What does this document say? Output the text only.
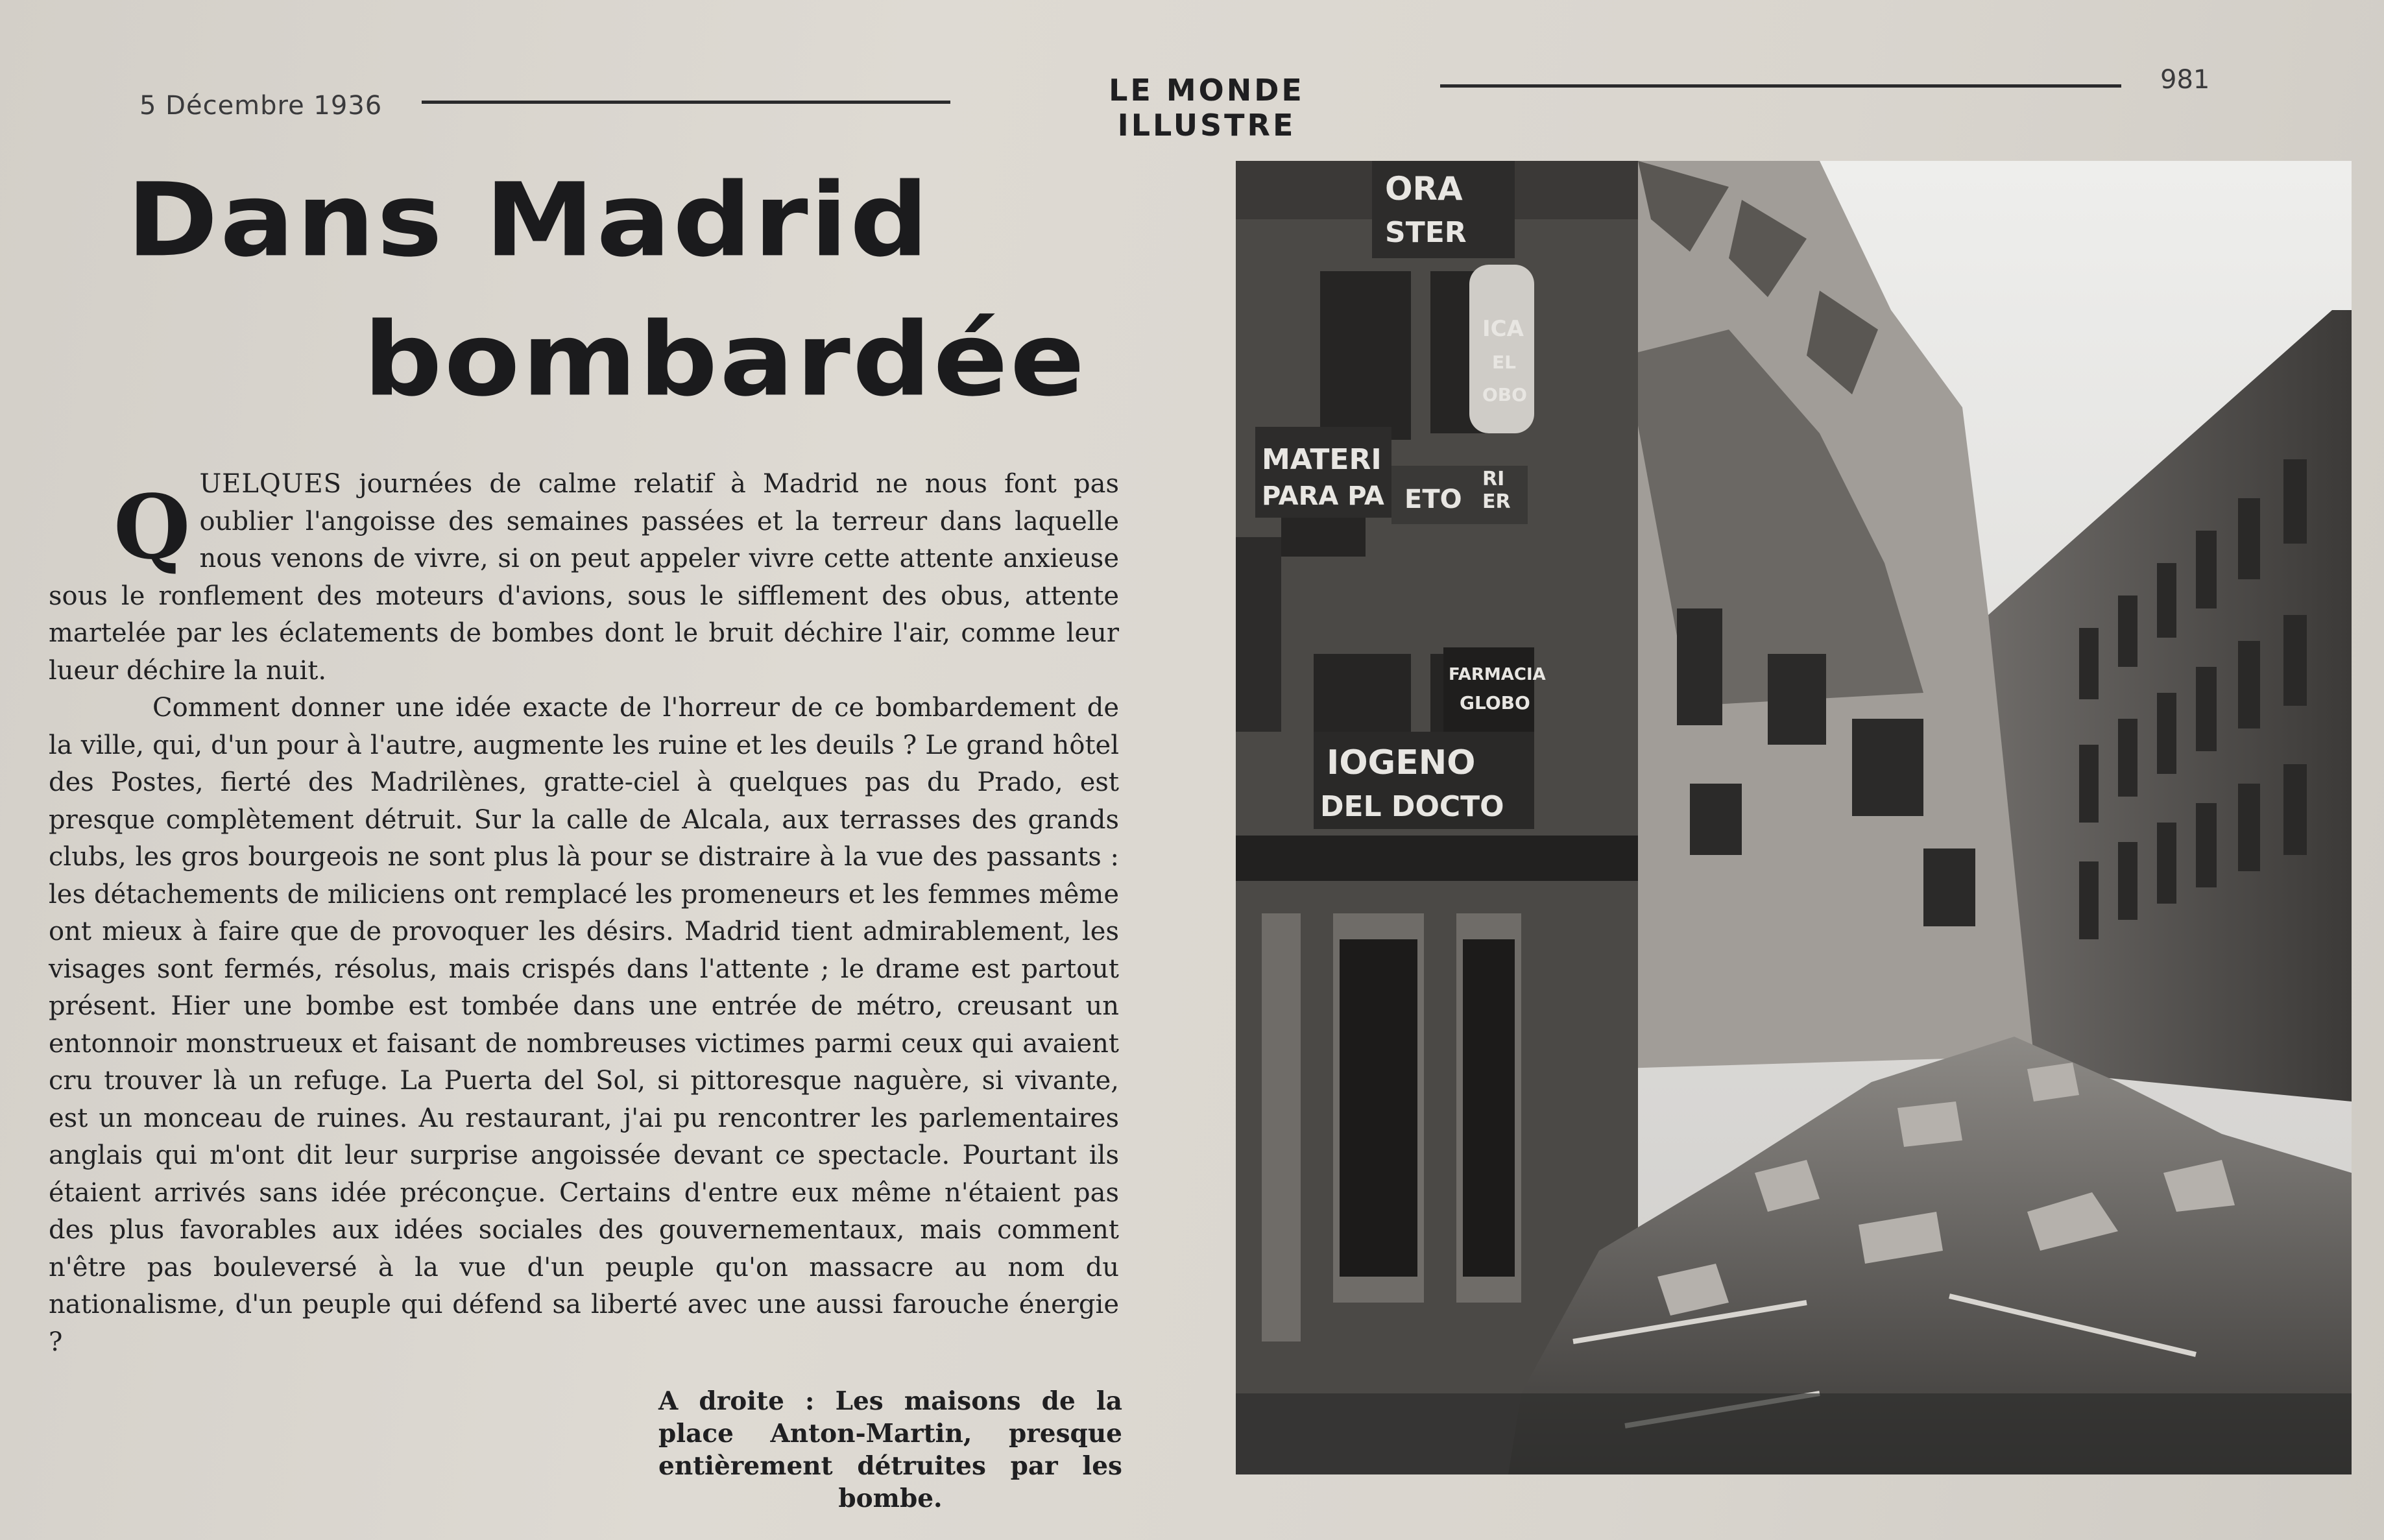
5 Décembre 1936	LE MONDE ILLUSTRE
981
Dans Madrid
bombardée

QUELQUES journées de calme relatif à Madrid ne nous font pas oublier l'angoisse des semaines passées et la terreur dans laquelle nous venons de vivre, si on peut appeler vivre cette attente anxieuse sous le ronflement des moteurs d'avions, sous le sifflement des obus, attente martelée par les éclatements de bombes dont le bruit déchire l'air, comme leur lueur déchire la nuit.

Comment donner une idée exacte de l'horreur de ce bombardement de la ville, qui, d'un pour à l'autre, augmente les ruine et les deuils ? Le grand hôtel des Postes, fierté des Madrilènes, gratte-ciel à quelques pas du Prado, est presque complètement détruit. Sur la calle de Alcala, aux terrasses des grands clubs, les gros bourgeois ne sont plus là pour se distraire à la vue des passants : les détachements de miliciens ont remplacé les promeneurs et les femmes même ont mieux à faire que de provoquer les désirs. Madrid tient admirablement, les visages sont fermés, résolus, mais crispés dans l'attente ; le drame est partout présent. Hier une bombe est tombée dans une entrée de métro, creusant un entonnoir monstrueux et faisant de nombreuses victimes parmi ceux qui avaient cru trouver là un refuge. La Puerta del Sol, si pittoresque naguère, si vivante, est un monceau de ruines. Au restaurant, j'ai pu rencontrer les parlementaires anglais qui m'ont dit leur surprise angoissée devant ce spectacle. Pourtant ils étaient arrivés sans idée préconçue. Certains d'entre eux même n'étaient pas des plus favorables aux idées sociales des gouvernementaux, mais comment n'être pas bouleversé à la vue d'un peuple qu'on massacre au nom du nationalisme, d'un peuple qui défend sa liberté avec une aussi farouche énergie ?

A droite : Les maisons de la place Anton-Martin, presque entièrement détruites par les bombe.
ICA
EL
OBO
ORA
STER
MATERI
PARA PA ETO
RI
ER
FARMACIA
GLOBO
IOGENO
DEL DOCTO
